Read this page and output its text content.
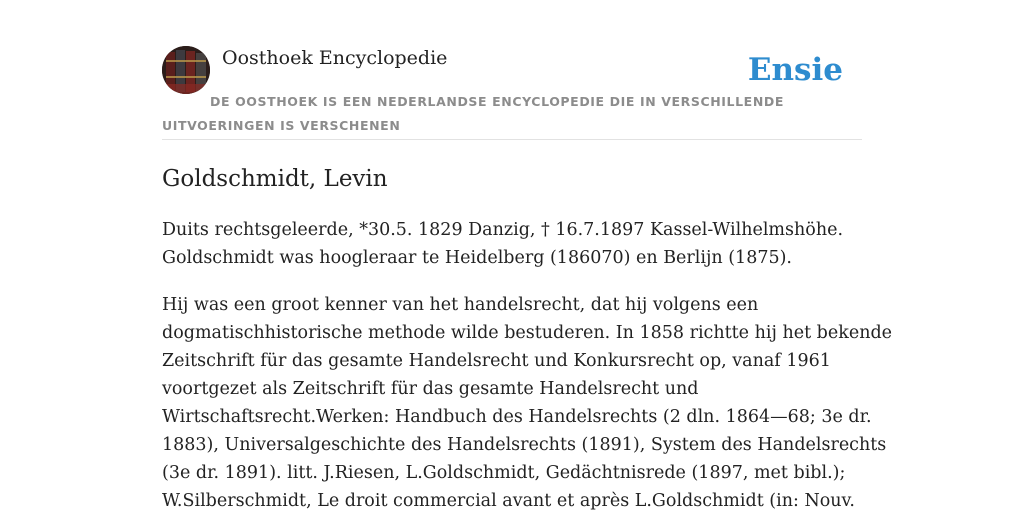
Oosthoek Encyclopedie	Ensie
DE OOSTHOEK IS EEN NEDERLANDSE ENCYCLOPEDIE DIE IN VERSCHILLENDE UITVOERINGEN IS VERSCHENEN
Goldschmidt, Levin

Duits rechtsgeleerde, *30.5. 1829 Danzig, † 16.7.1897 Kassel-Wilhelmshöhe.
Goldschmidt was hoogleraar te Heidelberg (186070) en Berlijn (1875).

Hij was een groot kenner van het handelsrecht, dat hij volgens een
dogmatischhistorische methode wilde bestuderen. In 1858 richtte hij het bekende
Zeitschrift für das gesamte Handelsrecht und Konkursrecht op, vanaf 1961
voortgezet als Zeitschrift für das gesamte Handelsrecht und
Wirtschaftsrecht.Werken: Handbuch des Handelsrechts (2 dln. 1864—68; 3e dr.
1883), Universalgeschichte des Handelsrechts (1891), System des Handelsrechts
(3e dr. 1891). litt. J.Riesen, L.Goldschmidt, Gedächtnisrede (1897, met bibl.);
W.Silberschmidt, Le droit commercial avant et après L.Goldschmidt (in: Nouv.
